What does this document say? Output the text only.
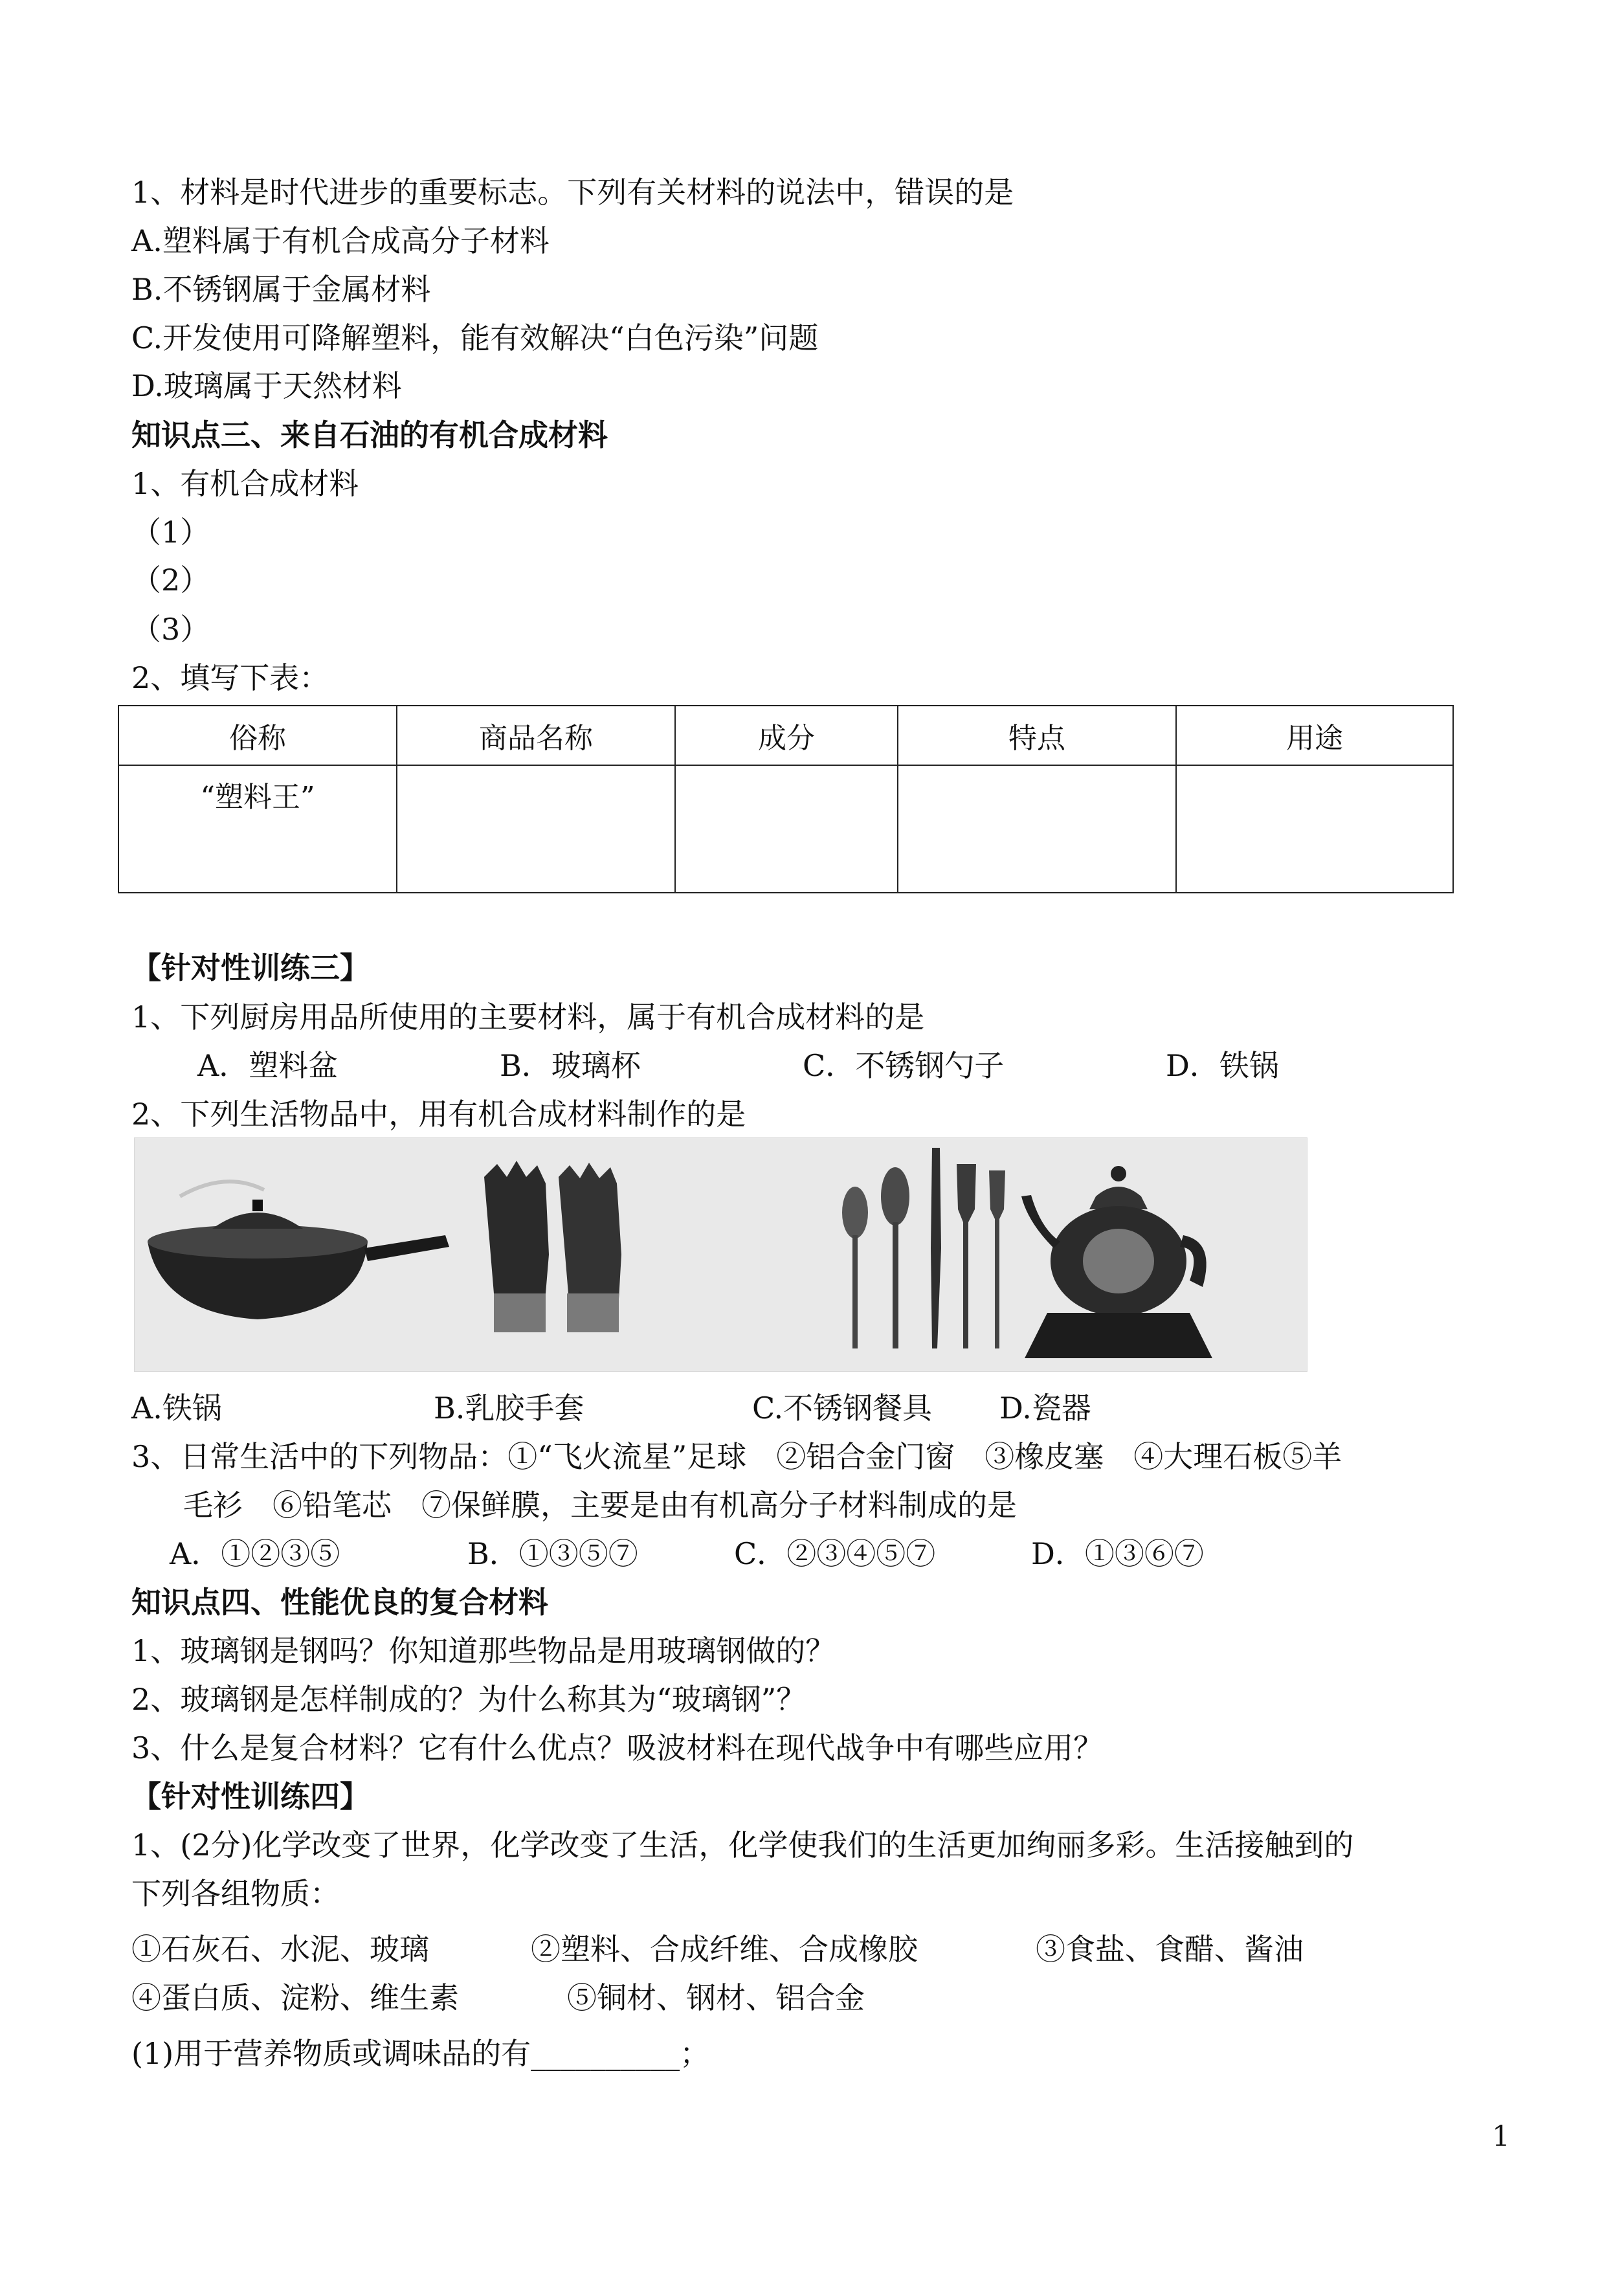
1、材料是时代进步的重要标志。下列有关材料的说法中，错误的是
A.塑料属于有机合成高分子材料
B.不锈钢属于金属材料
C.开发使用可降解塑料，能有效解决“白色污染”问题
D.玻璃属于天然材料
知识点三、来自石油的有机合成材料
1、有机合成材料
（1）
（2）
（3）
2、填写下表：
俗称	商品名称	成分	特点	用途
“塑料王”				
【针对性训练三】
1、下列厨房用品所使用的主要材料，属于有机合成材料的是
A．塑料盆	B．玻璃杯	C．不锈钢勺子	D．铁锅
2、下列生活物品中，用有机合成材料制作的是
A.铁锅	B.乳胶手套	C.不锈钢餐具 D.瓷器
3、日常生活中的下列物品：①“飞火流星”足球　②铝合金门窗　③橡皮塞　④大理石板⑤羊
毛衫　⑥铅笔芯　⑦保鲜膜，主要是由有机高分子材料制成的是
A．①②③⑤	B．①③⑤⑦	C．②③④⑤⑦	D．①③⑥⑦
知识点四、性能优良的复合材料
1、玻璃钢是钢吗？你知道那些物品是用玻璃钢做的？
2、玻璃钢是怎样制成的？为什么称其为“玻璃钢”？
3、什么是复合材料？它有什么优点？吸波材料在现代战争中有哪些应用？
【针对性训练四】
1、(2分)化学改变了世界，化学改变了生活，化学使我们的生活更加绚丽多彩。生活接触到的
下列各组物质：
①石灰石、水泥、玻璃	②塑料、合成纤维、合成橡胶	③食盐、食醋、酱油
④蛋白质、淀粉、维生素	⑤铜材、钢材、铝合金
(1)用于营养物质或调味品的有__________；
1
